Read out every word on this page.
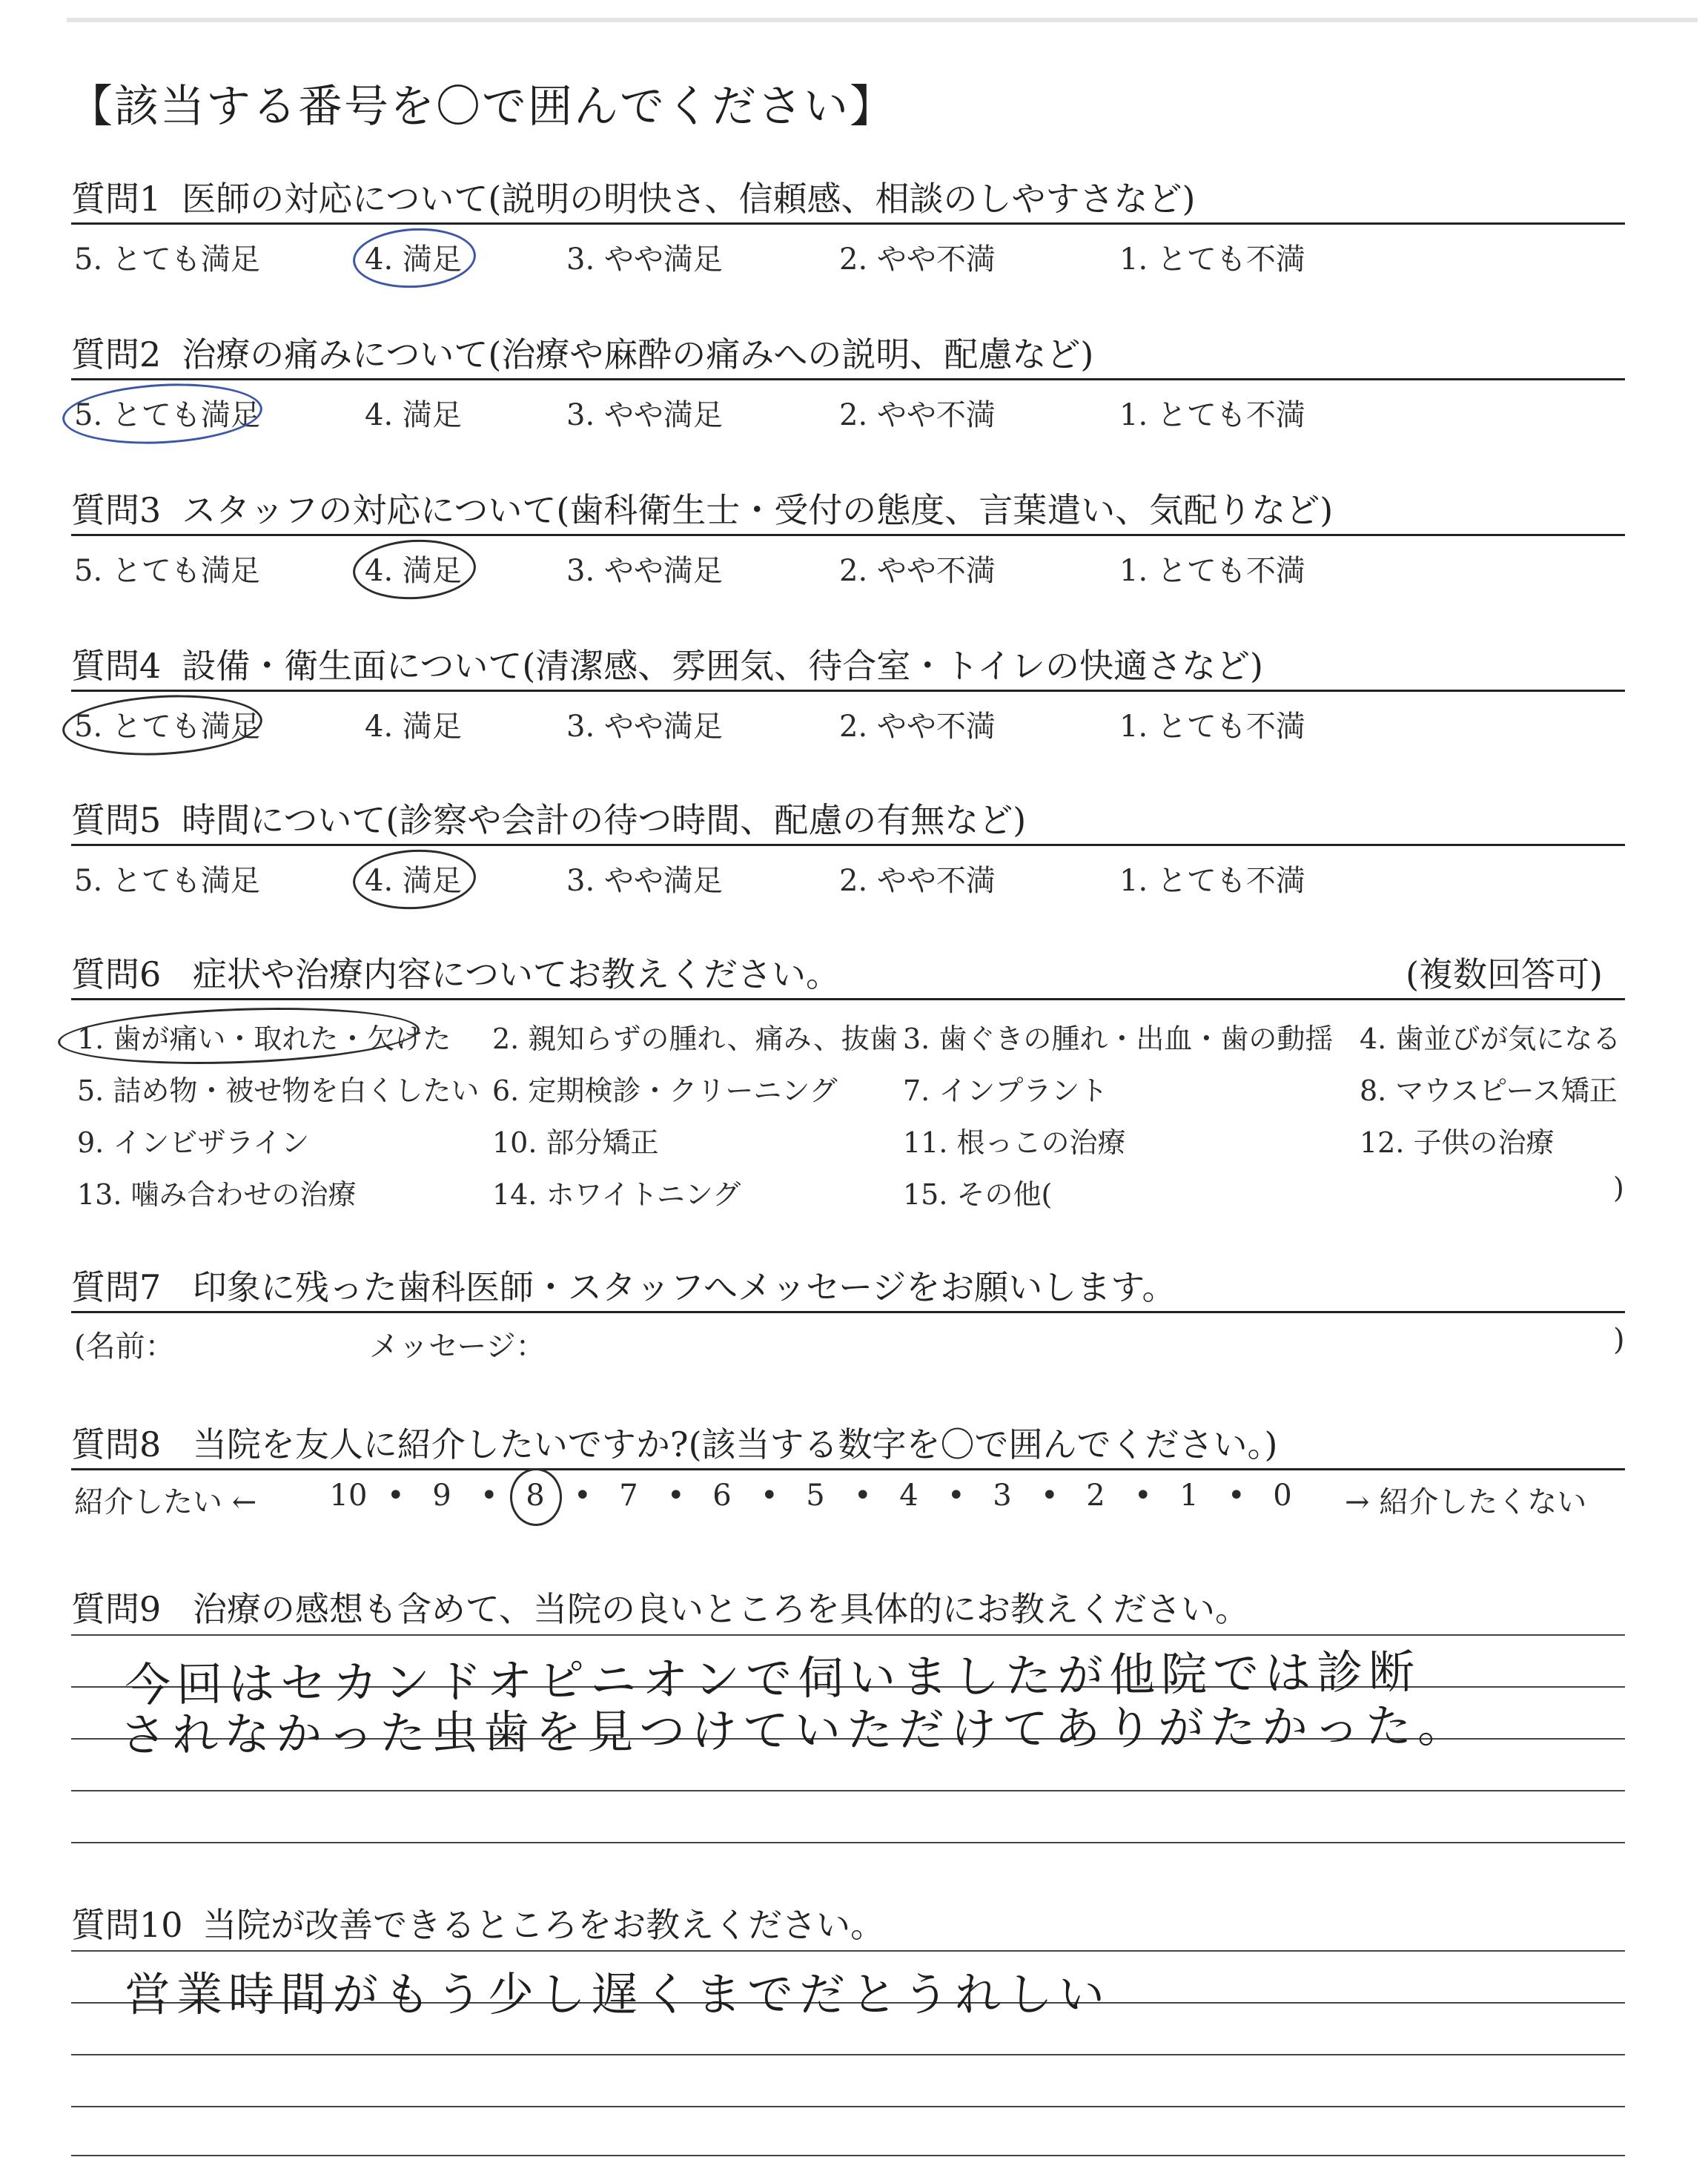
【該当する番号を〇で囲んでください】
質問1 医師の対応について(説明の明快さ、信頼感、相談のしやすさなど)
5. とても満足	4. 満足	3. やや満足	2. やや不満	1. とても不満
質問2 治療の痛みについて(治療や麻酔の痛みへの説明、配慮など)
5. とても満足	4. 満足	3. やや満足	2. やや不満	1. とても不満
質問3 スタッフの対応について(歯科衛生士・受付の態度、言葉遣い、気配りなど)
5. とても満足	4. 満足	3. やや満足	2. やや不満	1. とても不満
質問4 設備・衛生面について(清潔感、雰囲気、待合室・トイレの快適さなど)
5. とても満足	4. 満足	3. やや満足	2. やや不満	1. とても不満
質問5 時間について(診察や会計の待つ時間、配慮の有無など)
5. とても満足	4. 満足	3. やや満足	2. やや不満	1. とても不満
質問6 症状や治療内容についてお教えください。	(複数回答可)
1. 歯が痛い・取れた・欠けた 2. 親知らずの腫れ、痛み、抜歯 3. 歯ぐきの腫れ・出血・歯の動揺 4. 歯並びが気になる
5. 詰め物・被せ物を白くしたい 6. 定期検診・クリーニング 7. インプラント	8. マウスピース矯正
9. インビザライン	10. 部分矯正	11. 根っこの治療	12. 子供の治療
13. 噛み合わせの治療	14. ホワイトニング	15. その他(	)
質問7 印象に残った歯科医師・スタッフへメッセージをお願いします。
(名前：	メッセージ：	)
質問8 当院を友人に紹介したいですか?(該当する数字を〇で囲んでください。)
紹介したい ←	→ 紹介したくない
10 • 9 • 8 • 7 • 6 • 5 • 4 • 3 • 2 • 1 • 0
質問9 治療の感想も含めて、当院の良いところを具体的にお教えください。
今回はセカンドオピニオンで伺いましたが他院では診断
されなかった虫歯を見つけていただけてありがたかった。
質問10 当院が改善できるところをお教えください。
営業時間がもう少し遅くまでだとうれしい
